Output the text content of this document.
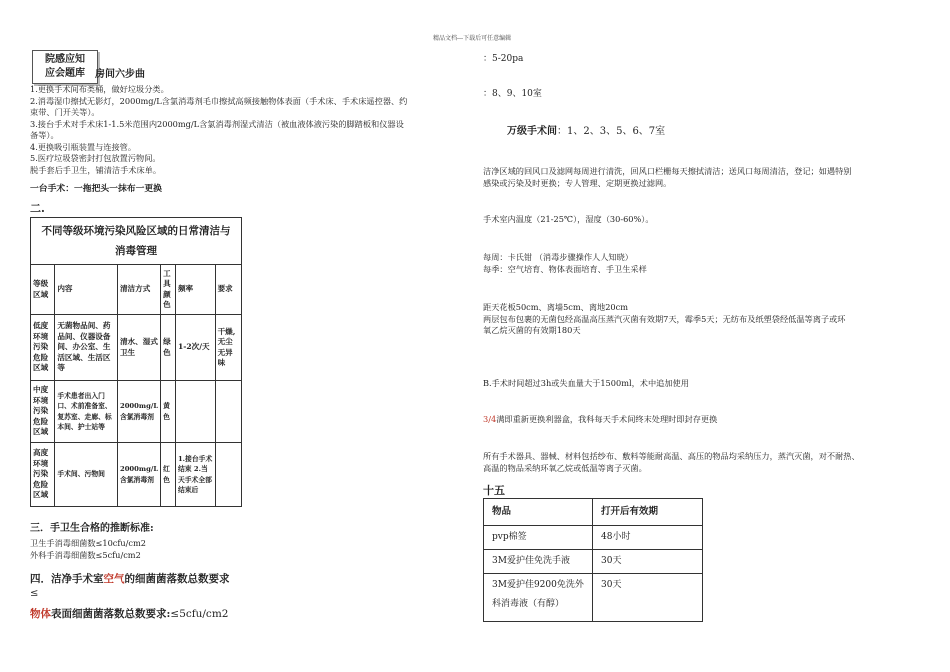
精品文档---下载后可任意编辑
院感应知
应会题库	房间六步曲
1.更换手术间布类桶，做好垃圾分类。
2.消毒湿巾擦拭无影灯，2000mg/L含氯消毒剂毛巾擦拭高频接触物体表面（手术床、手术床遥控器、约
束带、门开关等）。
3.接台手术对手术床1-1.5米范围内2000mg/L含氯消毒剂湿式清洁（被血液体液污染的脚踏板和仪器设
备等）。
4.更换吸引瓶装置与连接管。
5.医疗垃圾袋密封打包放置污物间。
脱手套后手卫生，铺清洁手术床单。
一台手术：一拖把头一抹布一更换
二.
不同等级环境污染风险区域的日常清洁与
消毒管理					

等级区域	内容	清洁方式	工具颜色	频率	要求
低度环境污染危险区域	无菌物品间、药品间、仪器设备间、办公室、生活区域、生活区等	清水、湿式卫生	绿色	1-2次/天	干燥,无尘无异味
中度环境污染危险区域	手术患者出入门口、术前准备室、复苏室、走廊、标本间、护士站等	2000mg/L含氯消毒剂	黄色		
高度环境污染危险区域	手术间、污物间	2000mg/L含氯消毒剂	红色	1.接台手术结束 2.当天手术全部结束后	
三．手卫生合格的推断标准:
卫生手消毒细菌数≤10cfu/cm2
外科手消毒细菌数≤5cfu/cm2
四．洁净手术室空气的细菌菌落数总数要求
≤
物体表面细菌菌落数总数要求:≤5cfu/cm2
：5-20pa
：8、9、10室
万级手术间：1、2、3、5、6、7室
洁净区域的回风口及滤网每周进行清洗，回风口栏栅每天擦拭清洁；送风口每周清洁，登记；如遇特别
感染或污染及时更换；专人管理、定期更换过滤网。
手术室内温度（21-25℃），湿度（30-60%）。
每周：卡氏钳 （消毒步骤操作人人知晓）
每季：空气培育、物体表面培育、手卫生采样
距天花板50cm、离墙5cm、离地20cm
两层包布包裹的无菌包经高温高压蒸汽灭菌有效期7天，霉季5天；无纺布及纸塑袋经低温等离子或环
氧乙烷灭菌的有效期180天
B.手术时间超过3h或失血量大于1500ml，术中追加使用
3/4满即重新更换利器盒，我科每天手术间终末处理时即封存更换
所有手术器具、器械、材料包括纱布、敷料等能耐高温、高压的物品均采纳压力，蒸汽灭菌，对不耐热、
高温的物品采纳环氧乙烷或低温等离子灭菌。
十五
物品	打开后有效期
pvp棉签	48小时
3M爱护佳免洗手液	30天
3M爱护佳9200免洗外科消毒液（有醇）	30天
